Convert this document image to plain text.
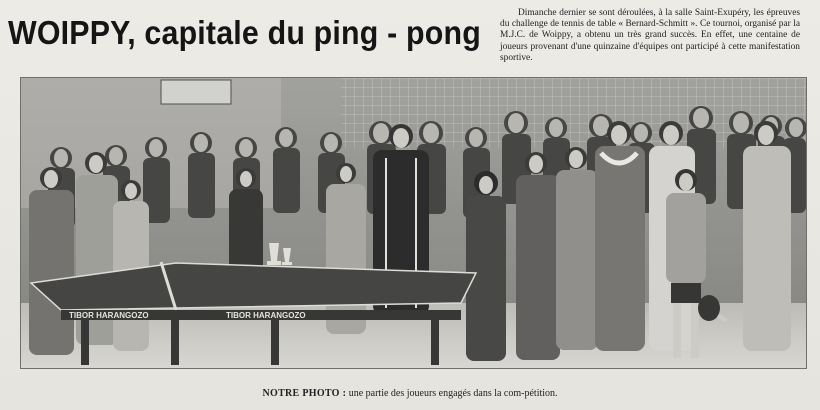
WOIPPY, capitale du ping - pong
Dimanche dernier se sont déroulées, à la salle Saint-Exupéry, les épreuves du challenge de tennis de table « Bernard-Schmitt ». Ce tournoi, organisé par la M.J.C. de Woippy, a obtenu un très grand succès. En effet, une centaine de joueurs provenant d'une quinzaine d'équipes ont participé à cette manifestation sportive.
TIBOR HARANGOZO	TIBOR HARANGOZO
NOTRE PHOTO : une partie des joueurs engagés dans la com-pétition.
